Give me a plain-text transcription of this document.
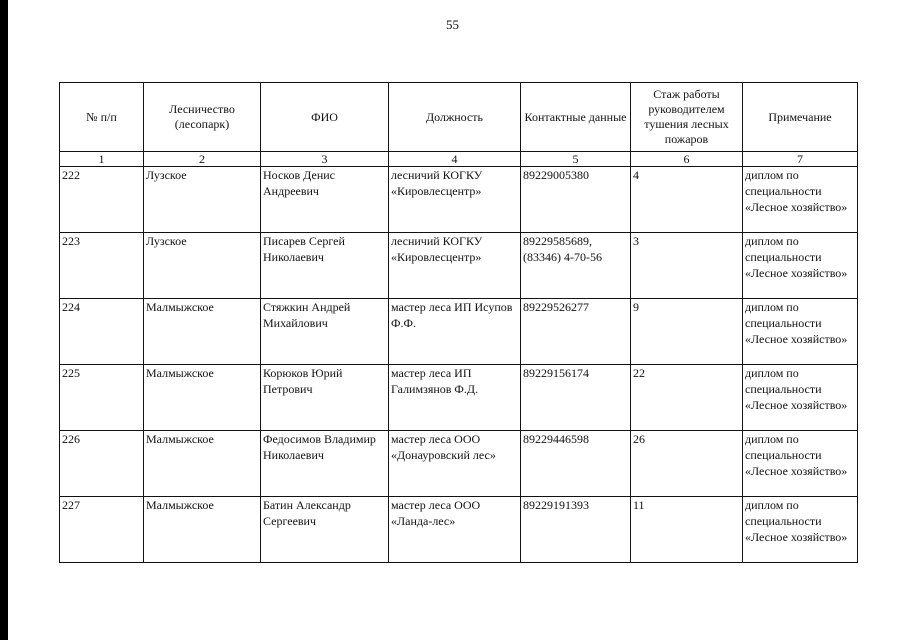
55
№ п/п	Лесничество (лесопарк)	ФИО	Должность	Контактные данные	Стаж работы руководителем тушения лесных пожаров	Примечание
1	2	3	4	5	6	7
222	Лузское	Носков Денис Андреевич	лесничий КОГКУ «Кировлесцентр»	89229005380	4	диплом по специальности «Лесное хозяйство»
223	Лузское	Писарев Сергей Николаевич	лесничий КОГКУ «Кировлесцентр»	89229585689, (83346) 4-70-56	3	диплом по специальности «Лесное хозяйство»
224	Малмыжское	Стяжкин Андрей Михайлович	мастер леса ИП Исупов Ф.Ф.	89229526277	9	диплом по специальности «Лесное хозяйство»
225	Малмыжское	Корюков Юрий Петрович	мастер леса ИП Галимзянов Ф.Д.	89229156174	22	диплом по специальности «Лесное хозяйство»
226	Малмыжское	Федосимов Владимир Николаевич	мастер леса ООО «Донауровский лес»	89229446598	26	диплом по специальности «Лесное хозяйство»
227	Малмыжское	Батин Александр Сергеевич	мастер леса ООО «Ланда-лес»	89229191393	11	диплом по специальности «Лесное хозяйство»
